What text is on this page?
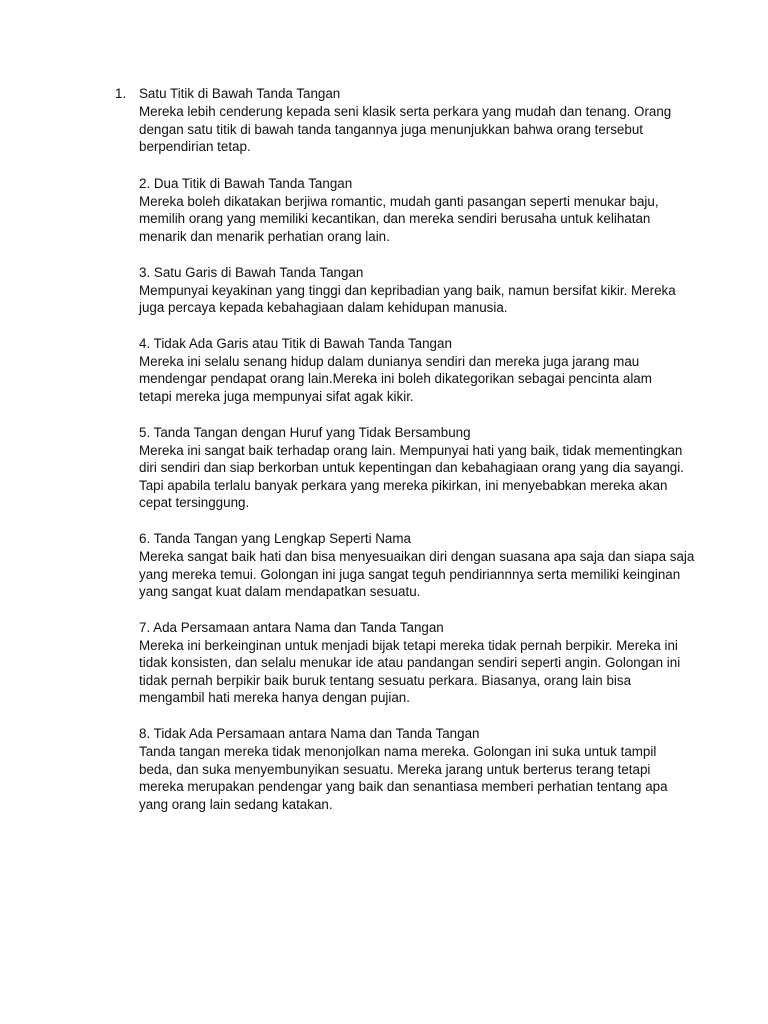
1. Satu Titik di Bawah Tanda Tangan
Mereka lebih cenderung kepada seni klasik serta perkara yang mudah dan tenang. Orang
dengan satu titik di bawah tanda tangannya juga menunjukkan bahwa orang tersebut
berpendirian tetap.
2. Dua Titik di Bawah Tanda Tangan
Mereka boleh dikatakan berjiwa romantic, mudah ganti pasangan seperti menukar baju,
memilih orang yang memiliki kecantikan, dan mereka sendiri berusaha untuk kelihatan
menarik dan menarik perhatian orang lain.
3. Satu Garis di Bawah Tanda Tangan
Mempunyai keyakinan yang tinggi dan kepribadian yang baik, namun bersifat kikir. Mereka
juga percaya kepada kebahagiaan dalam kehidupan manusia.
4. Tidak Ada Garis atau Titik di Bawah Tanda Tangan
Mereka ini selalu senang hidup dalam dunianya sendiri dan mereka juga jarang mau
mendengar pendapat orang lain.Mereka ini boleh dikategorikan sebagai pencinta alam
tetapi mereka juga mempunyai sifat agak kikir.
5. Tanda Tangan dengan Huruf yang Tidak Bersambung
Mereka ini sangat baik terhadap orang lain. Mempunyai hati yang baik, tidak mementingkan
diri sendiri dan siap berkorban untuk kepentingan dan kebahagiaan orang yang dia sayangi.
Tapi apabila terlalu banyak perkara yang mereka pikirkan, ini menyebabkan mereka akan
cepat tersinggung.
6. Tanda Tangan yang Lengkap Seperti Nama
Mereka sangat baik hati dan bisa menyesuaikan diri dengan suasana apa saja dan siapa saja
yang mereka temui. Golongan ini juga sangat teguh pendiriannnya serta memiliki keinginan
yang sangat kuat dalam mendapatkan sesuatu.
7. Ada Persamaan antara Nama dan Tanda Tangan
Mereka ini berkeinginan untuk menjadi bijak tetapi mereka tidak pernah berpikir. Mereka ini
tidak konsisten, dan selalu menukar ide atau pandangan sendiri seperti angin. Golongan ini
tidak pernah berpikir baik buruk tentang sesuatu perkara. Biasanya, orang lain bisa
mengambil hati mereka hanya dengan pujian.
8. Tidak Ada Persamaan antara Nama dan Tanda Tangan
Tanda tangan mereka tidak menonjolkan nama mereka. Golongan ini suka untuk tampil
beda, dan suka menyembunyikan sesuatu. Mereka jarang untuk berterus terang tetapi
mereka merupakan pendengar yang baik dan senantiasa memberi perhatian tentang apa
yang orang lain sedang katakan.
